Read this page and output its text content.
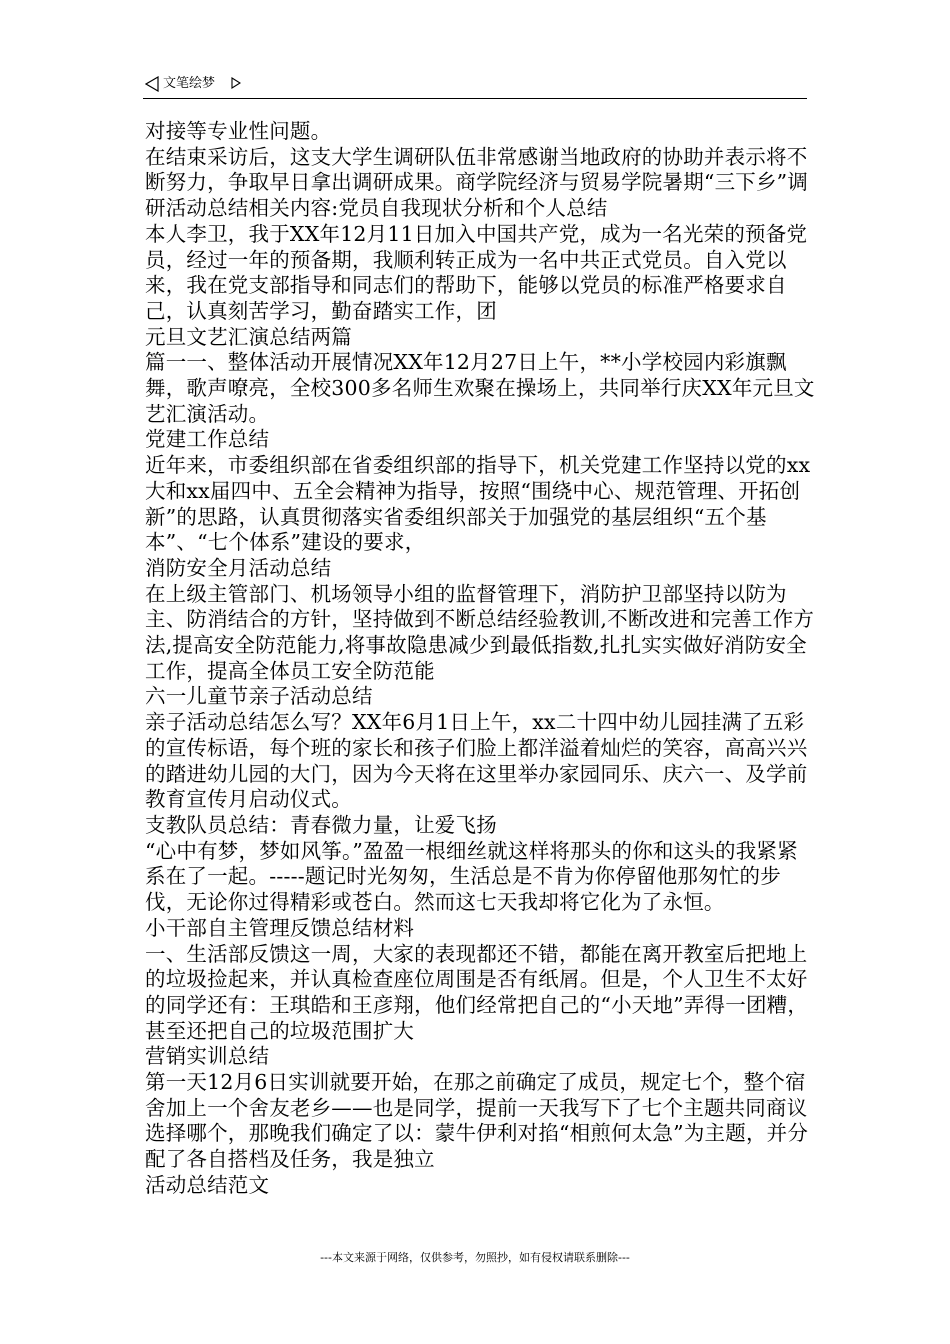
文笔绘梦

对接等专业性问题。

在结束采访后，这支大学生调研队伍非常感谢当地政府的协助并表示将不断努力，争取早日拿出调研成果。商学院经济与贸易学院暑期“三下乡”调研活动总结相关内容:党员自我现状分析和个人总结

本人李卫，我于XX年12月11日加入中国共产党，成为一名光荣的预备党员，经过一年的预备期，我顺利转正成为一名中共正式党员。自入党以来，我在党支部指导和同志们的帮助下，能够以党员的标准严格要求自己，认真刻苦学习，勤奋踏实工作，团

元旦文艺汇演总结两篇

篇一一、整体活动开展情况XX年12月27日上午，**小学校园内彩旗飘舞，歌声嘹亮，全校300多名师生欢聚在操场上，共同举行庆XX年元旦文艺汇演活动。

党建工作总结

近年来，市委组织部在省委组织部的指导下，机关党建工作坚持以党的xx大和xx届四中、五全会精神为指导，按照“围绕中心、规范管理、开拓创新”的思路，认真贯彻落实省委组织部关于加强党的基层组织“五个基本”、“七个体系”建设的要求，

消防安全月活动总结

在上级主管部门、机场领导小组的监督管理下，消防护卫部坚持以防为主、防消结合的方针，坚持做到不断总结经验教训,不断改进和完善工作方法,提高安全防范能力,将事故隐患减少到最低指数,扎扎实实做好消防安全工作，提高全体员工安全防范能

六一儿童节亲子活动总结

亲子活动总结怎么写？XX年6月1日上午，xx二十四中幼儿园挂满了五彩的宣传标语，每个班的家长和孩子们脸上都洋溢着灿烂的笑容，高高兴兴的踏进幼儿园的大门，因为今天将在这里举办家园同乐、庆六一、及学前教育宣传月启动仪式。

支教队员总结：青春微力量，让爱飞扬

“心中有梦，梦如风筝。”盈盈一根细丝就这样将那头的你和这头的我紧紧系在了一起。-----题记时光匆匆，生活总是不肯为你停留他那匆忙的步伐，无论你过得精彩或苍白。然而这七天我却将它化为了永恒。

小干部自主管理反馈总结材料

一、生活部反馈这一周，大家的表现都还不错，都能在离开教室后把地上的垃圾捡起来，并认真检查座位周围是否有纸屑。但是，个人卫生不太好的同学还有：王琪皓和王彦翔，他们经常把自己的“小天地”弄得一团糟，甚至还把自己的垃圾范围扩大

营销实训总结

第一天12月6日实训就要开始，在那之前确定了成员，规定七个，整个宿舍加上一个舍友老乡——也是同学，提前一天我写下了七个主题共同商议选择哪个，那晚我们确定了以：蒙牛伊利对掐“相煎何太急”为主题，并分配了各自搭档及任务，我是独立

活动总结范文

---本文来源于网络，仅供参考，勿照抄，如有侵权请联系删除---
